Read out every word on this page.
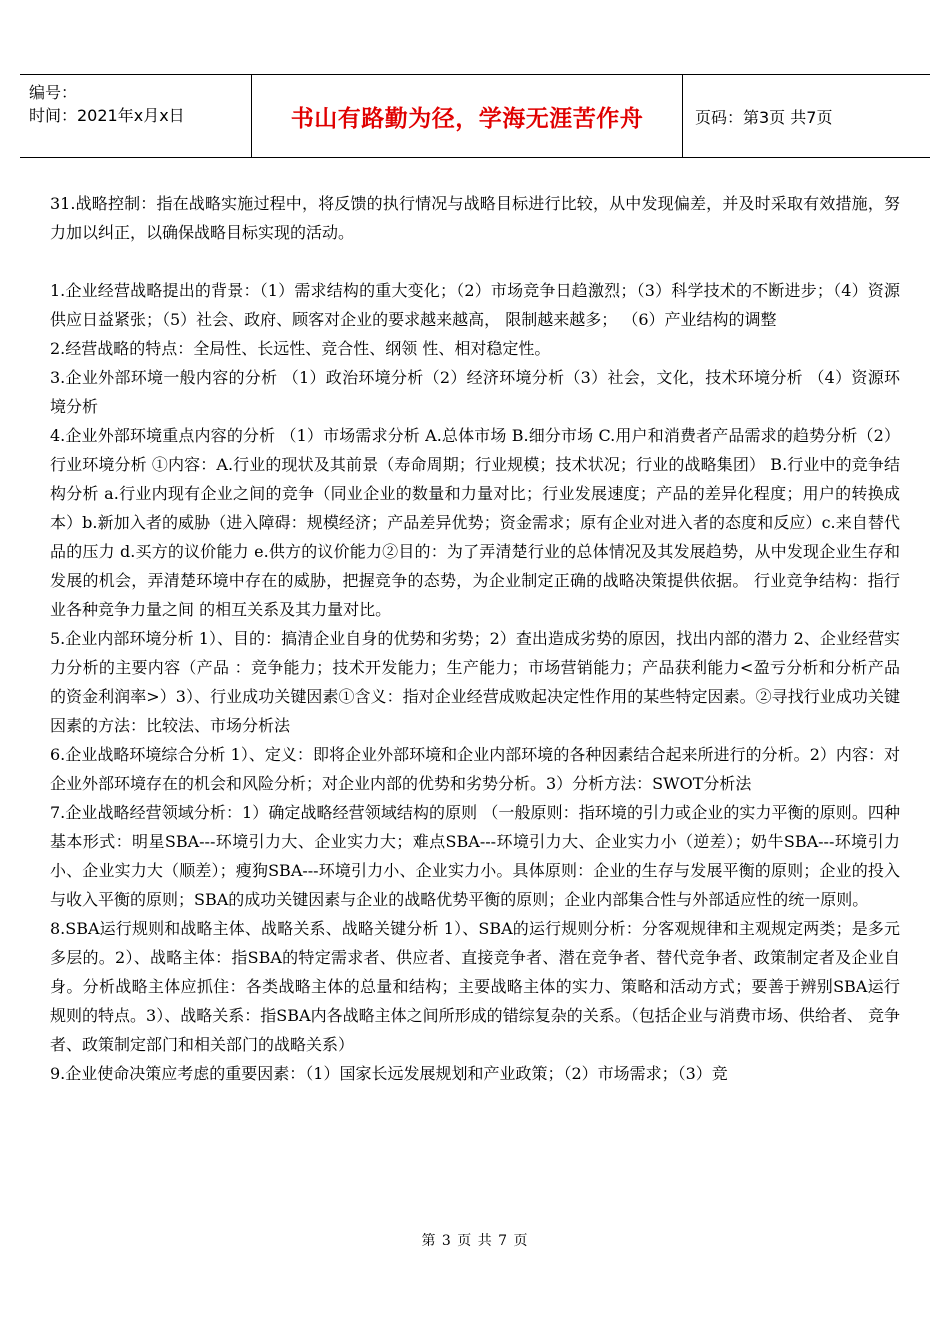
编号：
时间：2021年x月x日	书山有路勤为径，学海无涯苦作舟	页码：第3页 共7页

31.战略控制：指在战略实施过程中，将反馈的执行情况与战略目标进行比较，从中发现偏差，并及时采取有效措施，努力加以纠正，以确保战略目标实现的活动。

1.企业经营战略提出的背景：（1）需求结构的重大变化；（2）市场竞争日趋激烈；（3）科学技术的不断进步；（4）资源供应日益紧张；（5）社会、政府、顾客对企业的要求越来越高， 限制越来越多； （6）产业结构的调整

2.经营战略的特点：全局性、长远性、竞合性、纲领 性、相对稳定性。

3.企业外部环境一般内容的分析 （1）政治环境分析（2）经济环境分析（3）社会，文化，技术环境分析 （4）资源环境分析

4.企业外部环境重点内容的分析 （1）市场需求分析 A.总体市场 B.细分市场 C.用户和消费者产品需求的趋势分析（2）行业环境分析 ①内容：A.行业的现状及其前景（寿命周期；行业规模；技术状况；行业的战略集团） B.行业中的竞争结构分析 a.行业内现有企业之间的竞争（同业企业的数量和力量对比；行业发展速度；产品的差异化程度；用户的转换成本）b.新加入者的威胁（进入障碍：规模经济；产品差异优势；资金需求；原有企业对进入者的态度和反应）c.来自替代品的压力 d.买方的议价能力 e.供方的议价能力②目的：为了弄清楚行业的总体情况及其发展趋势，从中发现企业生存和发展的机会，弄清楚环境中存在的威胁，把握竞争的态势，为企业制定正确的战略决策提供依据。 行业竞争结构：指行业各种竞争力量之间 的相互关系及其力量对比。

5.企业内部环境分析 1）、目的：搞清企业自身的优势和劣势；2）查出造成劣势的原因，找出内部的潜力 2、企业经营实力分析的主要内容（产品 ：竞争能力；技术开发能力；生产能力；市场营销能力；产品获利能力<盈亏分析和分析产品的资金利润率>）3）、行业成功关键因素①含义：指对企业经营成败起决定性作用的某些特定因素。②寻找行业成功关键因素的方法：比较法、市场分析法

6.企业战略环境综合分析 1）、定义：即将企业外部环境和企业内部环境的各种因素结合起来所进行的分析。2）内容：对企业外部环境存在的机会和风险分析；对企业内部的优势和劣势分析。3）分析方法：SWOT分析法

7.企业战略经营领域分析：1）确定战略经营领域结构的原则 （一般原则：指环境的引力或企业的实力平衡的原则。四种基本形式：明星SBA---环境引力大、企业实力大；难点SBA---环境引力大、企业实力小（逆差）；奶牛SBA---环境引力小、企业实力大（顺差）；瘦狗SBA---环境引力小、企业实力小。具体原则：企业的生存与发展平衡的原则；企业的投入与收入平衡的原则；SBA的成功关键因素与企业的战略优势平衡的原则；企业内部集合性与外部适应性的统一原则。

8.SBA运行规则和战略主体、战略关系、战略关键分析 1）、SBA的运行规则分析：分客观规律和主观规定两类；是多元多层的。2）、战略主体：指SBA的特定需求者、供应者、直接竞争者、潜在竞争者、替代竞争者、政策制定者及企业自身。分析战略主体应抓住：各类战略主体的总量和结构；主要战略主体的实力、策略和活动方式；要善于辨别SBA运行规则的特点。3）、战略关系：指SBA内各战略主体之间所形成的错综复杂的关系。（包括企业与消费市场、供给者、 竞争者、政策制定部门和相关部门的战略关系）

9.企业使命决策应考虑的重要因素：（1）国家长远发展规划和产业政策；（2）市场需求；（3）竞

第 3 页 共 7 页
